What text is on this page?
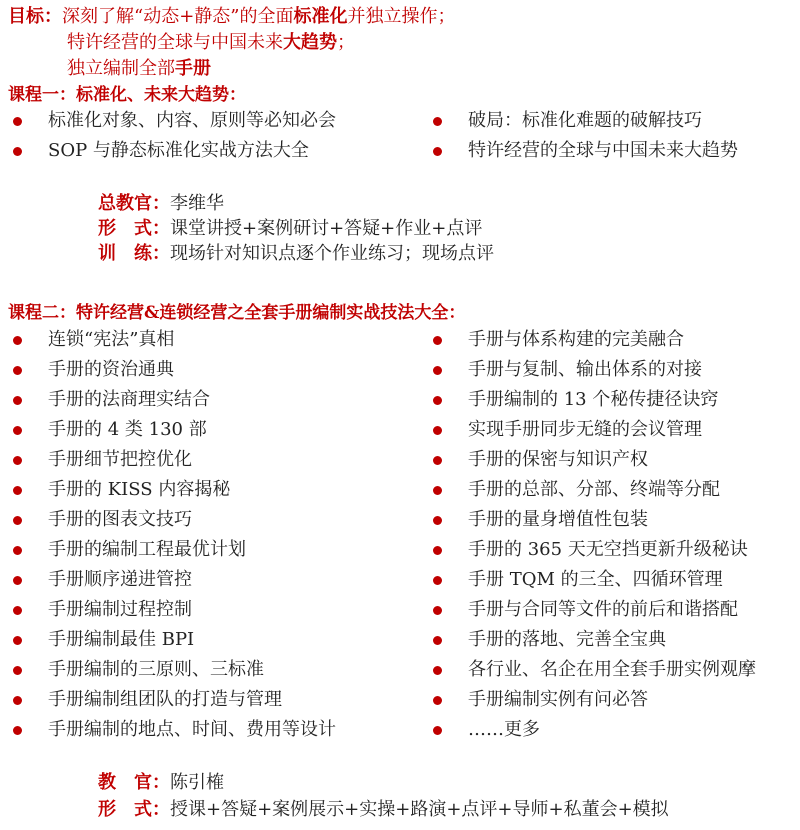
目标：深刻了解“动态+静态”的全面标准化并独立操作；
特许经营的全球与中国未来大趋势；
独立编制全部手册
课程一：标准化、未来大趋势：
标准化对象、内容、原则等必知必会
SOP 与静态标准化实战方法大全
破局：标准化难题的破解技巧
特许经营的全球与中国未来大趋势
总教官：李维华
形　式：课堂讲授+案例研讨+答疑+作业+点评
训　练：现场针对知识点逐个作业练习；现场点评
课程二：特许经营&连锁经营之全套手册编制实战技法大全：
连锁“宪法”真相
手册的资治通典
手册的法商理实结合
手册的 4 类 130 部
手册细节把控优化
手册的 KISS 内容揭秘
手册的图表文技巧
手册的编制工程最优计划
手册顺序递进管控
手册编制过程控制
手册编制最佳 BPI
手册编制的三原则、三标准
手册编制组团队的打造与管理
手册编制的地点、时间、费用等设计
手册与体系构建的完美融合
手册与复制、输出体系的对接
手册编制的 13 个秘传捷径诀窍
实现手册同步无缝的会议管理
手册的保密与知识产权
手册的总部、分部、终端等分配
手册的量身增值性包装
手册的 365 天无空挡更新升级秘诀
手册 TQM 的三全、四循环管理
手册与合同等文件的前后和谐搭配
手册的落地、完善全宝典
各行业、名企在用全套手册实例观摩
手册编制实例有问必答
……更多
教　官：陈引榷
形　式：授课+答疑+案例展示+实操+路演+点评+导师+私董会+模拟
